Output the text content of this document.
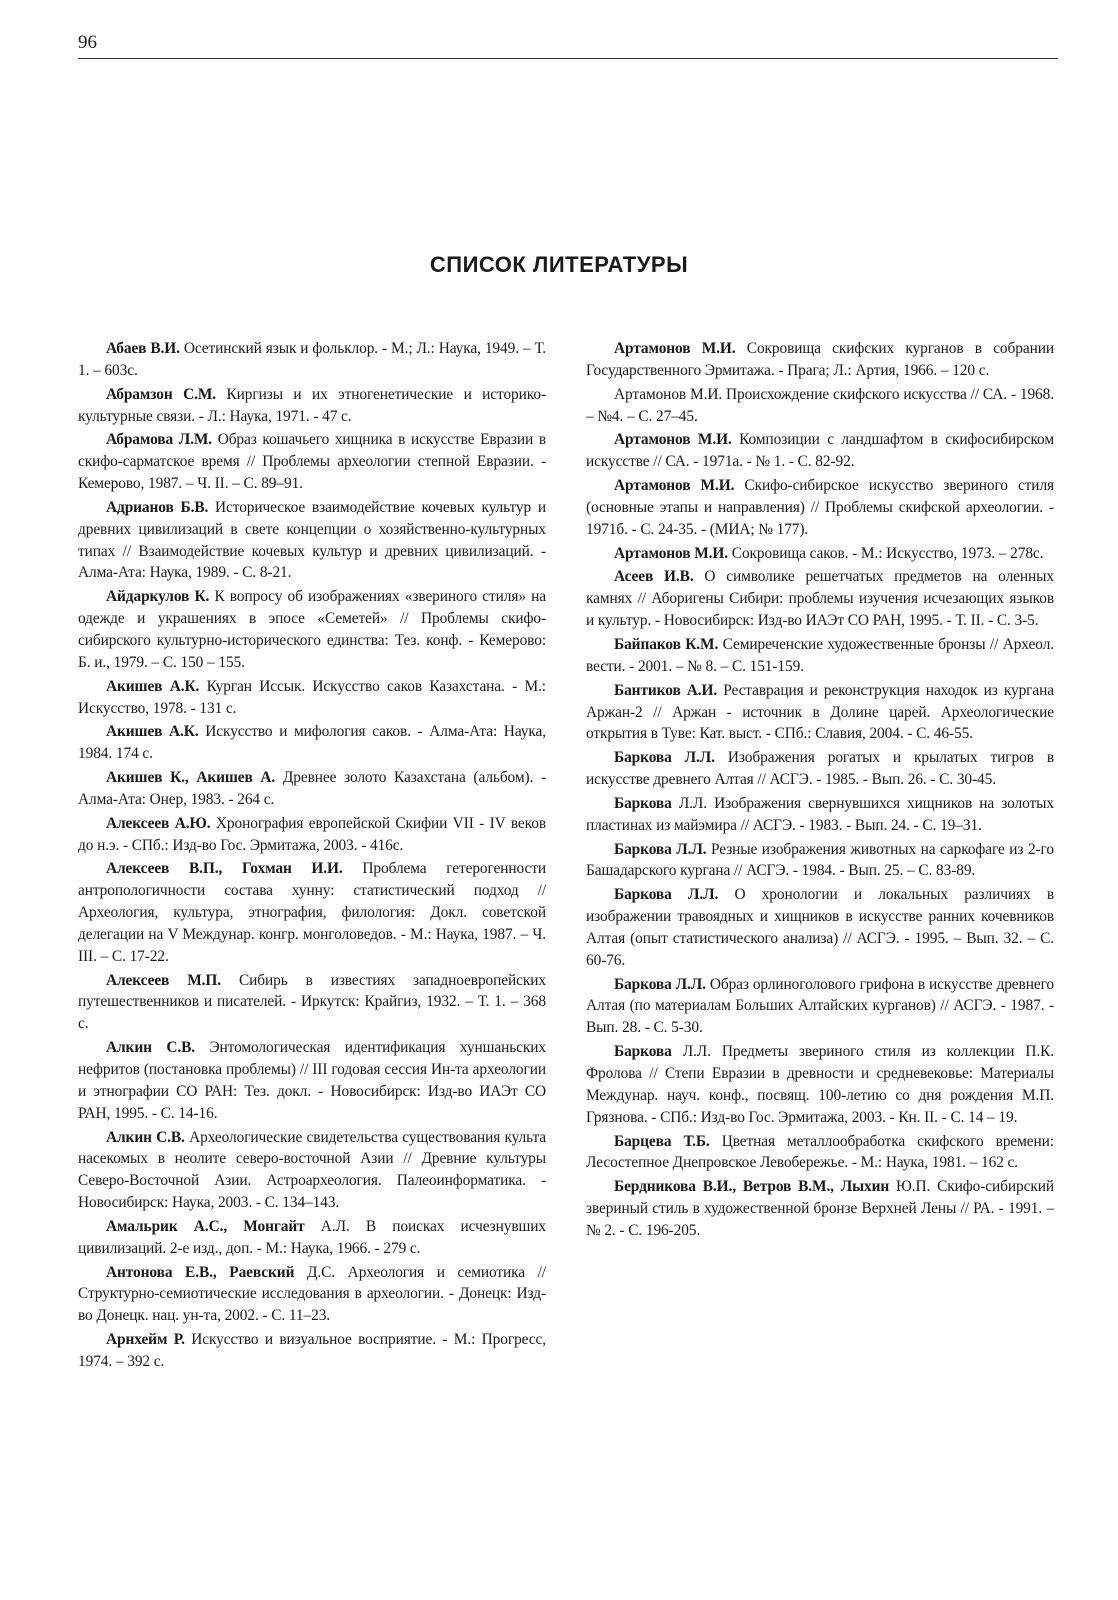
96
СПИСОК ЛИТЕРАТУРЫ

Абаев В.И. Осетинский язык и фольклор. - М.; Л.: Наука, 1949. – Т. 1. – 603с.

Абрамзон С.М. Киргизы и их этногенетические и историко-культурные связи. - Л.: Наука, 1971. - 47 с.

Абрамова Л.М. Образ кошачьего хищника в искусстве Евразии в скифо-сарматское время // Проблемы археологии степной Евразии. - Кемерово, 1987. – Ч. II. – С. 89–91.

Адрианов Б.В. Историческое взаимодействие кочевых культур и древних цивилизаций в свете концепции о хозяйственно-культурных типах // Взаимодействие кочевых культур и древних цивилизаций. - Алма-Ата: Наука, 1989. - С. 8-21.

Айдаркулов К. К вопросу об изображениях «звериного стиля» на одежде и украшениях в эпосе «Семетей» // Проблемы скифо-сибирского культурно-исторического единства: Тез. конф. - Кемерово: Б. и., 1979. – С. 150 – 155.

Акишев А.К. Курган Иссык. Искусство саков Казахстана. - М.: Искусство, 1978. - 131 с.

Акишев А.К. Искусство и мифология саков. - Алма-Ата: Наука, 1984. 174 с.

Акишев К., Акишев А. Древнее золото Казахстана (альбом). - Алма-Ата: Онер, 1983. - 264 с.

Алексеев А.Ю. Хронография европейской Скифии VII - IV веков до н.э. - СПб.: Изд-во Гос. Эрмитажа, 2003. - 416с.

Алексеев В.П., Гохман И.И. Проблема гетерогенности антропологичности состава хунну: статистический подход // Археология, культура, этнография, филология: Докл. советской делегации на V Междунар. конгр. монголоведов. - М.: Наука, 1987. – Ч. III. – С. 17-22.

Алексеев М.П. Сибирь в известиях западноевропейских путешественников и писателей. - Иркутск: Крайгиз, 1932. – Т. 1. – 368 с.

Алкин С.В. Энтомологическая идентификация хуншаньских нефритов (постановка проблемы) // III годовая сессия Ин-та археологии и этнографии СО РАН: Тез. докл. - Новосибирск: Изд-во ИАЭт СО РАН, 1995. - С. 14-16.

Алкин С.В. Археологические свидетельства существования культа насекомых в неолите северо-восточной Азии // Древние культуры Северо-Восточной Азии. Астроархеология. Палеоинформатика. - Новосибирск: Наука, 2003. - С. 134–143.

Амальрик А.С., Монгайт А.Л. В поисках исчезнувших цивилизаций. 2-е изд., доп. - М.: Наука, 1966. - 279 с.

Антонова Е.В., Раевский Д.С. Археология и семиотика // Структурно-семиотические исследования в археологии. - Донецк: Изд-во Донецк. нац. ун-та, 2002. - С. 11–23.

Арнхейм Р. Искусство и визуальное восприятие. - М.: Прогресс, 1974. – 392 с.

Артамонов М.И. Сокровища скифских курганов в собрании Государственного Эрмитажа. - Прага; Л.: Артия, 1966. – 120 с.

Артамонов М.И. Происхождение скифского искусства // СА. - 1968. – №4. – С. 27–45.

Артамонов М.И. Композиции с ландшафтом в скифосибирском искусстве // СА. - 1971а. - № 1. - С. 82-92.

Артамонов М.И. Скифо-сибирское искусство звериного стиля (основные этапы и направления) // Проблемы скифской археологии. - 1971б. - С. 24-35. - (МИА; № 177).

Артамонов М.И. Сокровища саков. - М.: Искусство, 1973. – 278с.

Асеев И.В. О символике решетчатых предметов на оленных камнях // Аборигены Сибири: проблемы изучения исчезающих языков и культур. - Новосибирск: Изд-во ИАЭт СО РАН, 1995. - Т. II. - С. 3-5.

Байпаков К.М. Семиреченские художественные бронзы // Археол. вести. - 2001. – № 8. – С. 151-159.

Бантиков А.И. Реставрация и реконструкция находок из кургана Аржан-2 // Аржан - источник в Долине царей. Археологические открытия в Туве: Кат. выст. - СПб.: Славия, 2004. - С. 46-55.

Баркова Л.Л. Изображения рогатых и крылатых тигров в искусстве древнего Алтая // АСГЭ. - 1985. - Вып. 26. - С. 30-45.

Баркова Л.Л. Изображения свернувшихся хищников на золотых пластинах из майэмира // АСГЭ. - 1983. - Вып. 24. - С. 19–31.

Баркова Л.Л. Резные изображения животных на саркофаге из 2-го Башадарского кургана // АСГЭ. - 1984. - Вып. 25. – С. 83-89.

Баркова Л.Л. О хронологии и локальных различиях в изображении травоядных и хищников в искусстве ранних кочевников Алтая (опыт статистического анализа) // АСГЭ. - 1995. – Вып. 32. – С. 60-76.

Баркова Л.Л. Образ орлиноголового грифона в искусстве древнего Алтая (по материалам Больших Алтайских курганов) // АСГЭ. - 1987. - Вып. 28. - С. 5-30.

Баркова Л.Л. Предметы звериного стиля из коллекции П.К. Фролова // Степи Евразии в древности и средневековье: Материалы Междунар. науч. конф., посвящ. 100-летию со дня рождения М.П. Грязнова. - СПб.: Изд-во Гос. Эрмитажа, 2003. - Кн. II. - С. 14 – 19.

Барцева Т.Б. Цветная металлообработка скифского времени: Лесостепное Днепровское Левобережье. - М.: Наука, 1981. – 162 с.

Бердникова В.И., Ветров В.М., Лыхин Ю.П. Скифо-сибирский звериный стиль в художественной бронзе Верхней Лены // РА. - 1991. – № 2. - С. 196-205.
